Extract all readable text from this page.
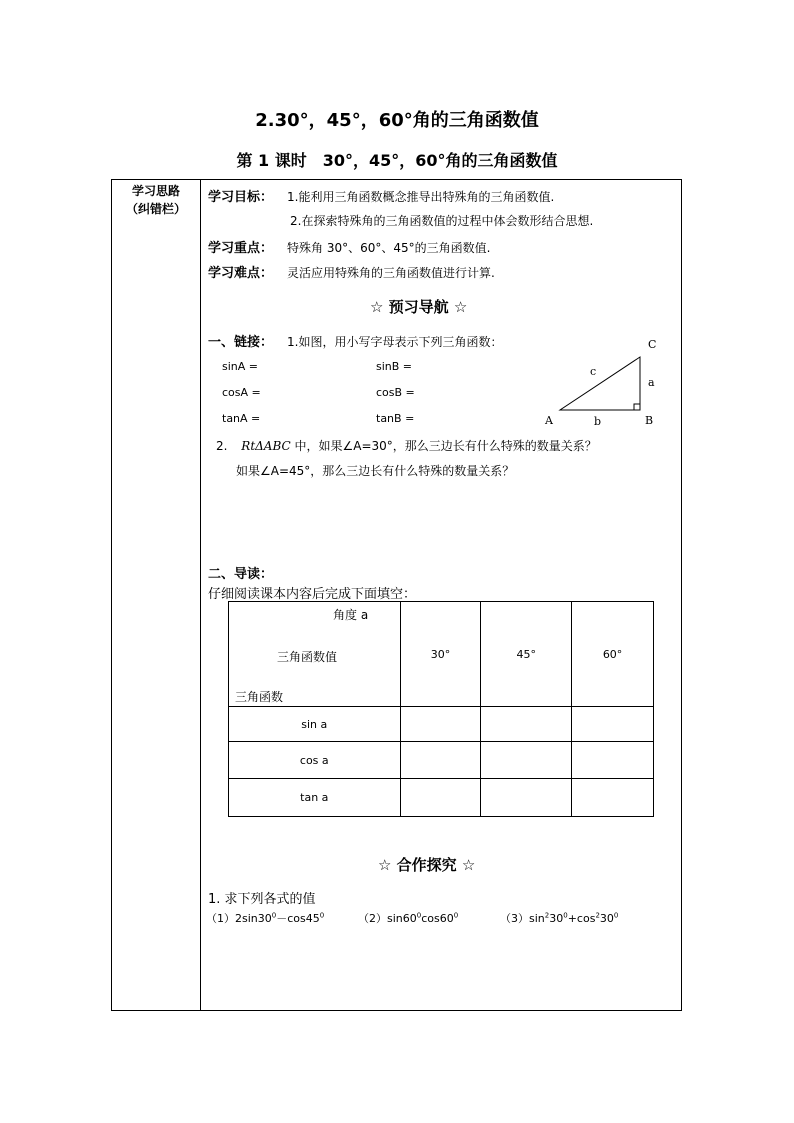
2.30°，45°，60°角的三角函数值
第 1 课时　30°，45°，60°角的三角函数值
学习思路
（纠错栏）
学习目标： 1.能利用三角函数概念推导出特殊角的三角函数值.
2.在探索特殊角的三角函数值的过程中体会数形结合思想.
学习重点： 特殊角 30°、60°、45°的三角函数值.
学习难点： 灵活应用特殊角的三角函数值进行计算.
☆ 预习导航 ☆
一、链接： 1.如图，用小写字母表示下列三角函数：
sinA =	sinB =
cosA =	cosB =
tanA =	tanB =	A	B
C
a
b
c
2. RtΔABC 中，如果∠A=30°，那么三边长有什么特殊的数量关系？
如果∠A=45°，那么三边长有什么特殊的数量关系？
二、导读：
仔细阅读课本内容后完成下面填空：
角度 a
三角函数值
三角函数	30°	45°	60°
sin a			
cos a			
tan a			
☆ 合作探究 ☆
1. 求下列各式的值
$(1)2\sin 30^0-\cos 45^0$	$(2)\sin 60^0\cos 60^0$	$(3)\sin^230^0+\cos^230^0$
